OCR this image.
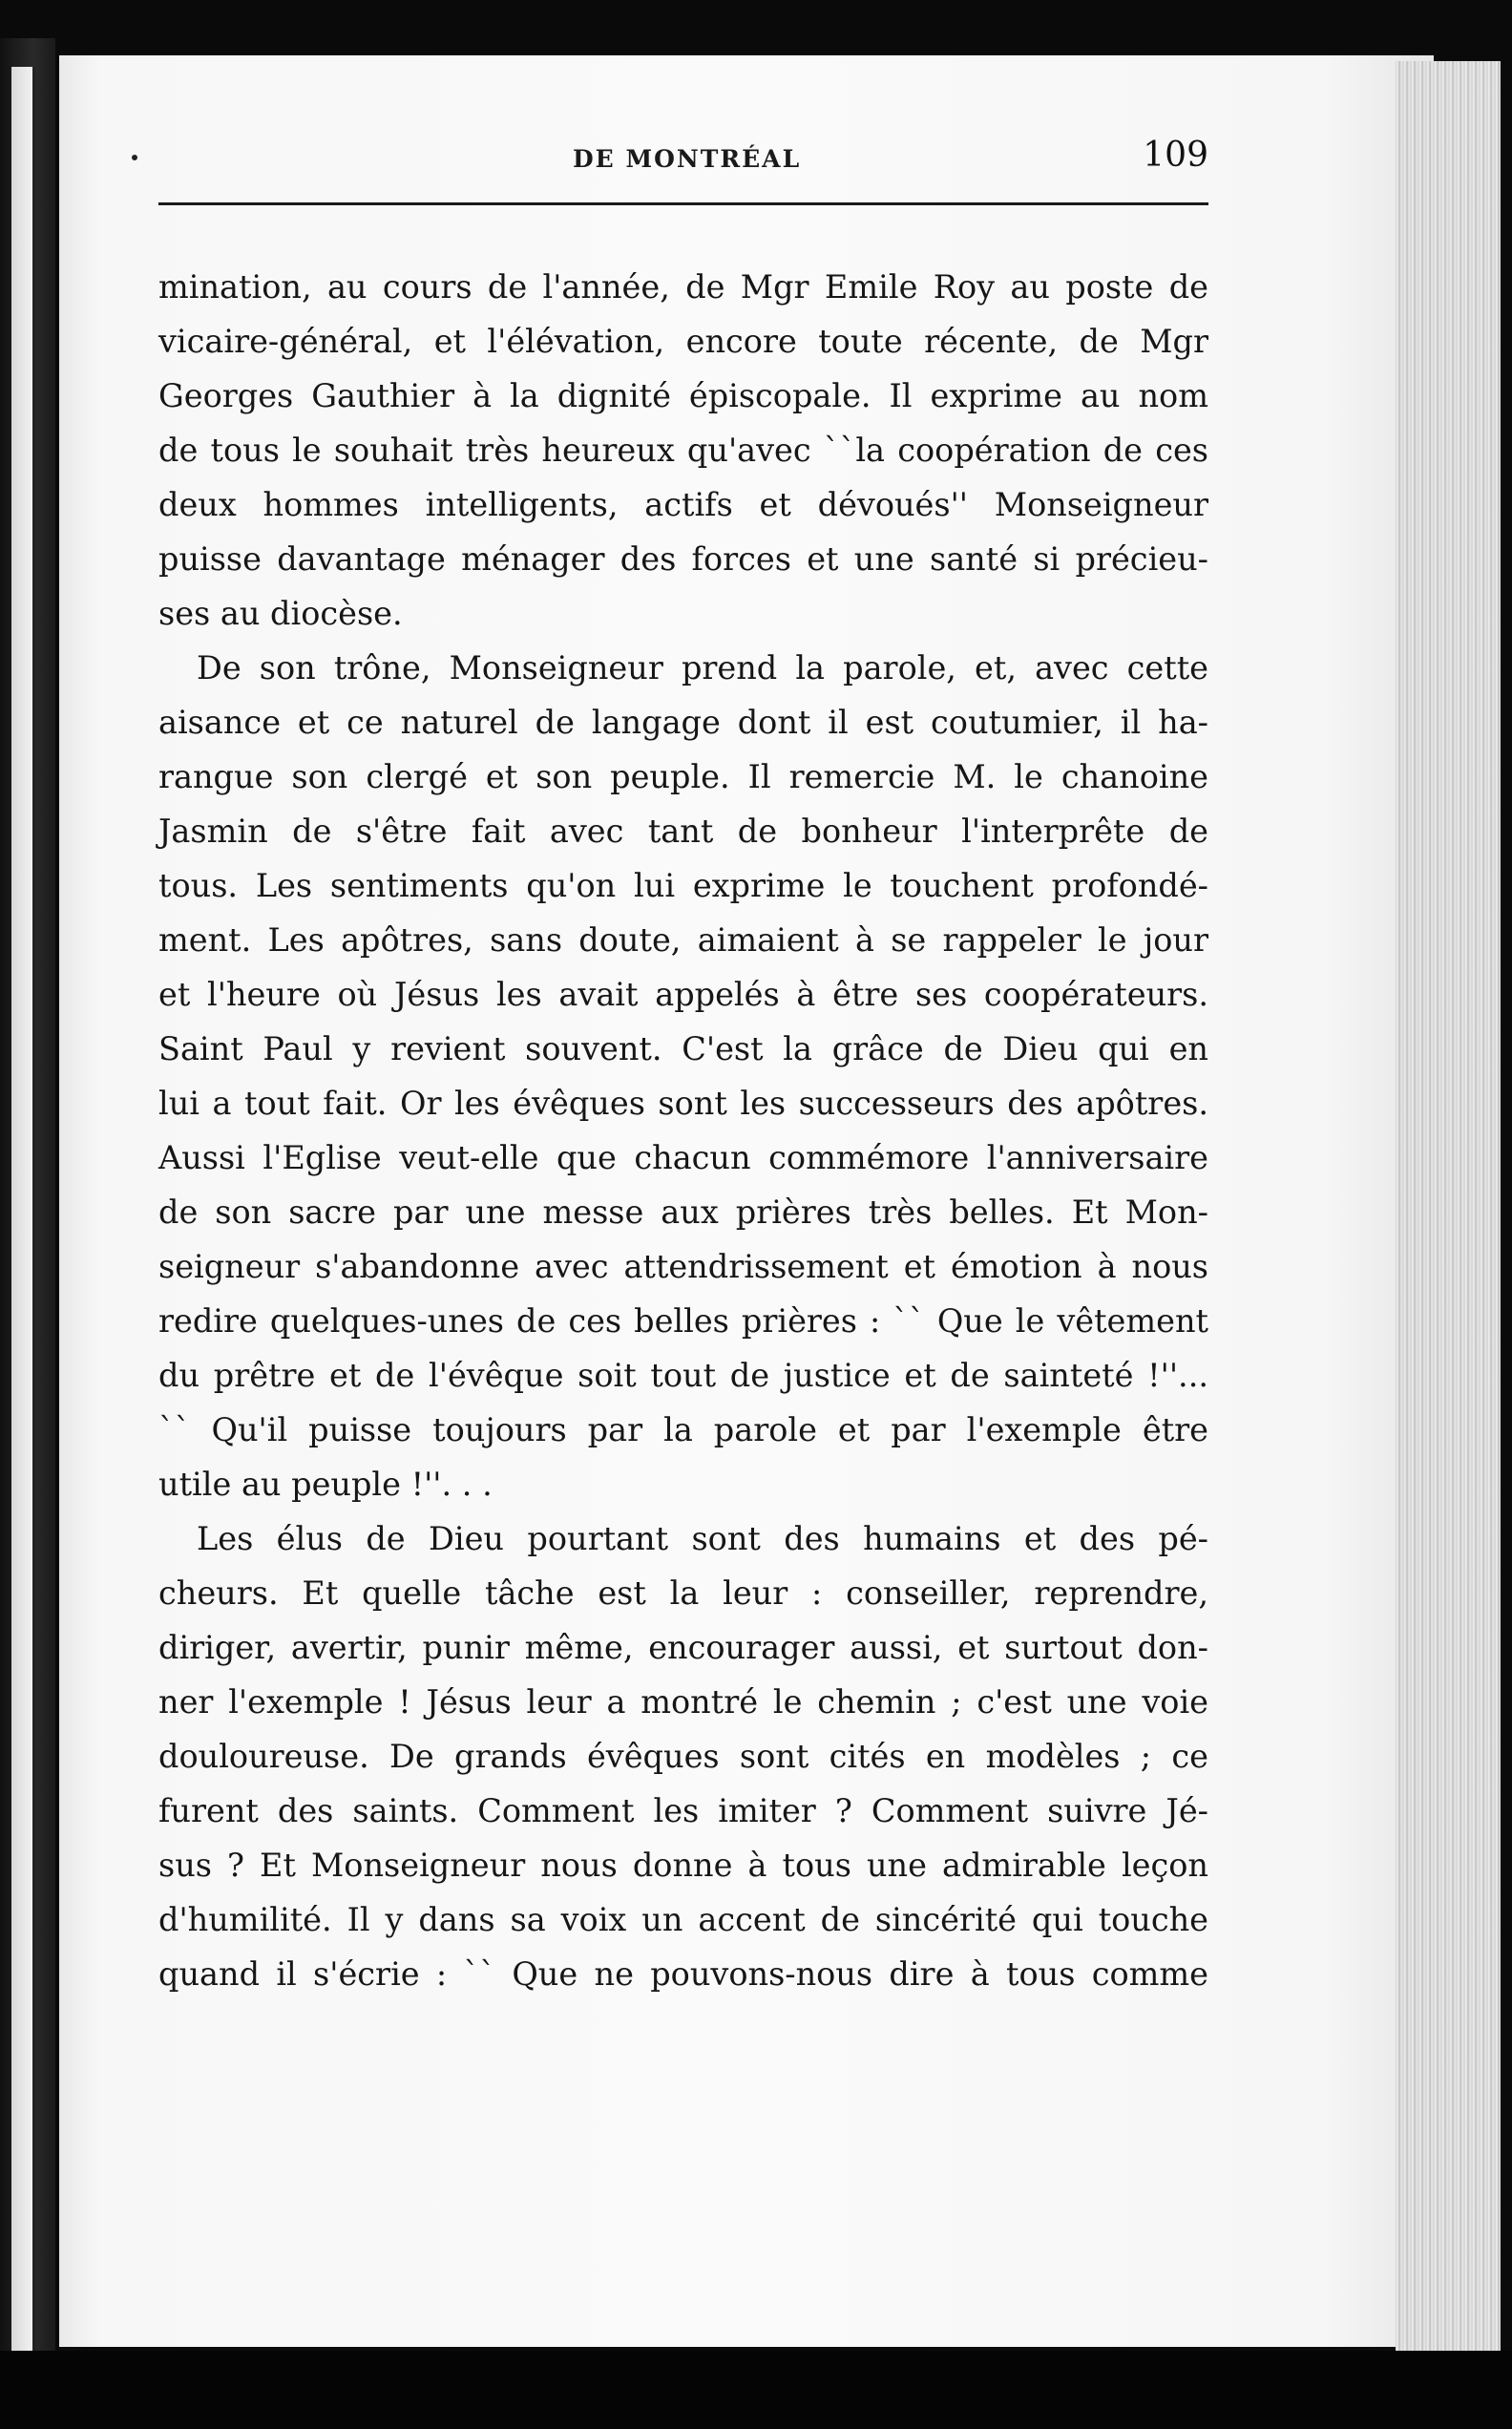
DE MONTRÉAL	109
mination, au cours de l'année, de Mgr Emile Roy au poste de
vicaire-général, et l'élévation, encore toute récente, de Mgr
Georges Gauthier à la dignité épiscopale. Il exprime au nom
de tous le souhait très heureux qu'avec ``la coopération de ces
deux hommes intelligents, actifs et dévoués'' Monseigneur
puisse davantage ménager des forces et une santé si précieu-
ses au diocèse.
De son trône, Monseigneur prend la parole, et, avec cette
aisance et ce naturel de langage dont il est coutumier, il ha-
rangue son clergé et son peuple. Il remercie M. le chanoine
Jasmin de s'être fait avec tant de bonheur l'interprête de
tous. Les sentiments qu'on lui exprime le touchent profondé-
ment. Les apôtres, sans doute, aimaient à se rappeler le jour
et l'heure où Jésus les avait appelés à être ses coopérateurs.
Saint Paul y revient souvent. C'est la grâce de Dieu qui en
lui a tout fait. Or les évêques sont les successeurs des apôtres.
Aussi l'Eglise veut-elle que chacun commémore l'anniversaire
de son sacre par une messe aux prières très belles. Et Mon-
seigneur s'abandonne avec attendrissement et émotion à nous
redire quelques-unes de ces belles prières : `` Que le vêtement
du prêtre et de l'évêque soit tout de justice et de sainteté !''...
`` Qu'il puisse toujours par la parole et par l'exemple être
utile au peuple !''. . .
Les élus de Dieu pourtant sont des humains et des pé-
cheurs. Et quelle tâche est la leur : conseiller, reprendre,
diriger, avertir, punir même, encourager aussi, et surtout don-
ner l'exemple ! Jésus leur a montré le chemin ; c'est une voie
douloureuse. De grands évêques sont cités en modèles ; ce
furent des saints. Comment les imiter ? Comment suivre Jé-
sus ? Et Monseigneur nous donne à tous une admirable leçon
d'humilité. Il y dans sa voix un accent de sincérité qui touche
quand il s'écrie : `` Que ne pouvons-nous dire à tous comme
